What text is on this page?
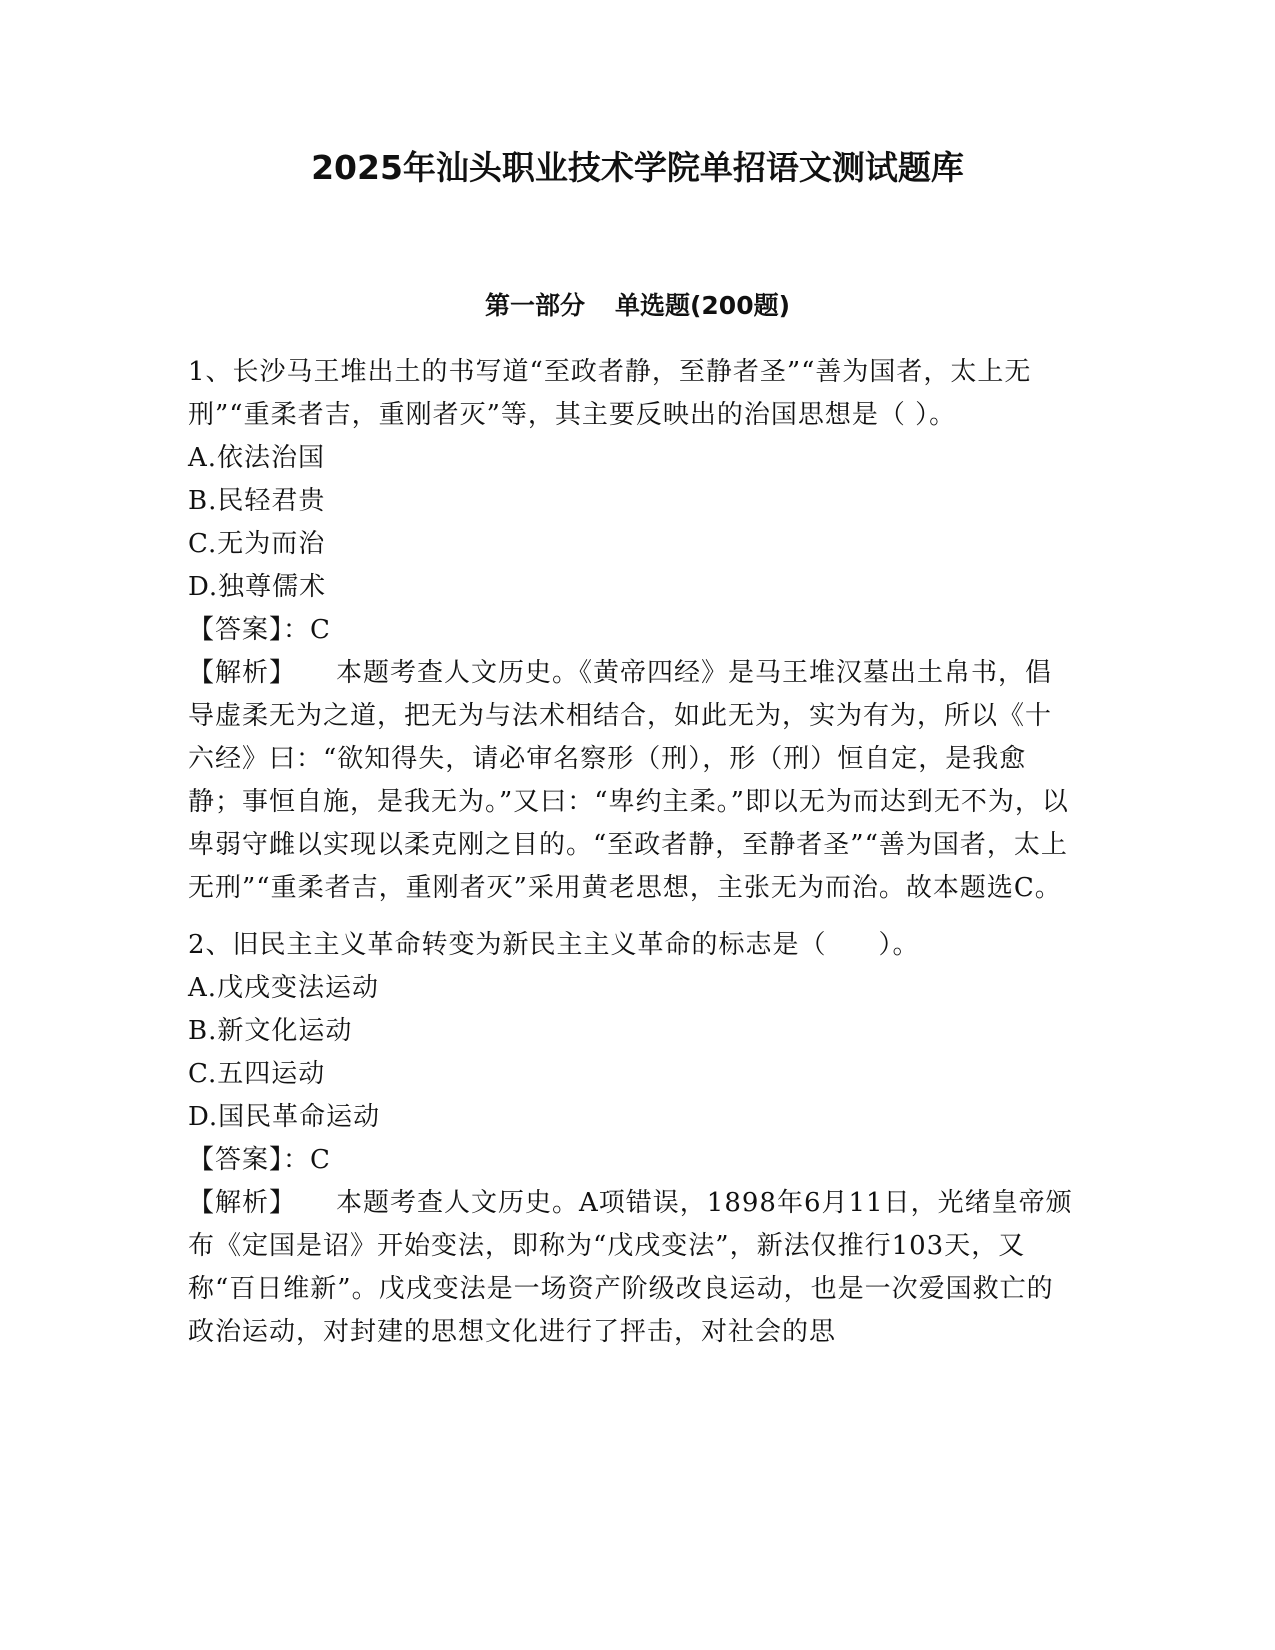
2025年汕头职业技术学院单招语文测试题库
第一部分 单选题(200题)

1、长沙马王堆出土的书写道“至政者静，至静者圣”“善为国者，太上无刑”“重柔者吉，重刚者灭”等，其主要反映出的治国思想是（ ）。

A.依法治国

B.民轻君贵

C.无为而治

D.独尊儒术

【答案】：C

【解析】 本题考查人文历史。《黄帝四经》是马王堆汉墓出土帛书，倡导虚柔无为之道，把无为与法术相结合，如此无为，实为有为，所以《十六经》曰：“欲知得失，请必审名察形（刑），形（刑）恒自定，是我愈静；事恒自施，是我无为。”又曰：“卑约主柔。”即以无为而达到无不为，以卑弱守雌以实现以柔克刚之目的。“至政者静，至静者圣”“善为国者，太上无刑”“重柔者吉，重刚者灭”采用黄老思想，主张无为而治。故本题选C。

2、旧民主主义革命转变为新民主主义革命的标志是（ ）。

A.戊戌变法运动

B.新文化运动

C.五四运动

D.国民革命运动

【答案】：C

【解析】 本题考查人文历史。A项错误，1898年6月11日，光绪皇帝颁布《定国是诏》开始变法，即称为“戊戌变法”，新法仅推行103天，又称“百日维新”。戊戌变法是一场资产阶级改良运动，也是一次爱国救亡的政治运动，对封建的思想文化进行了抨击，对社会的思
